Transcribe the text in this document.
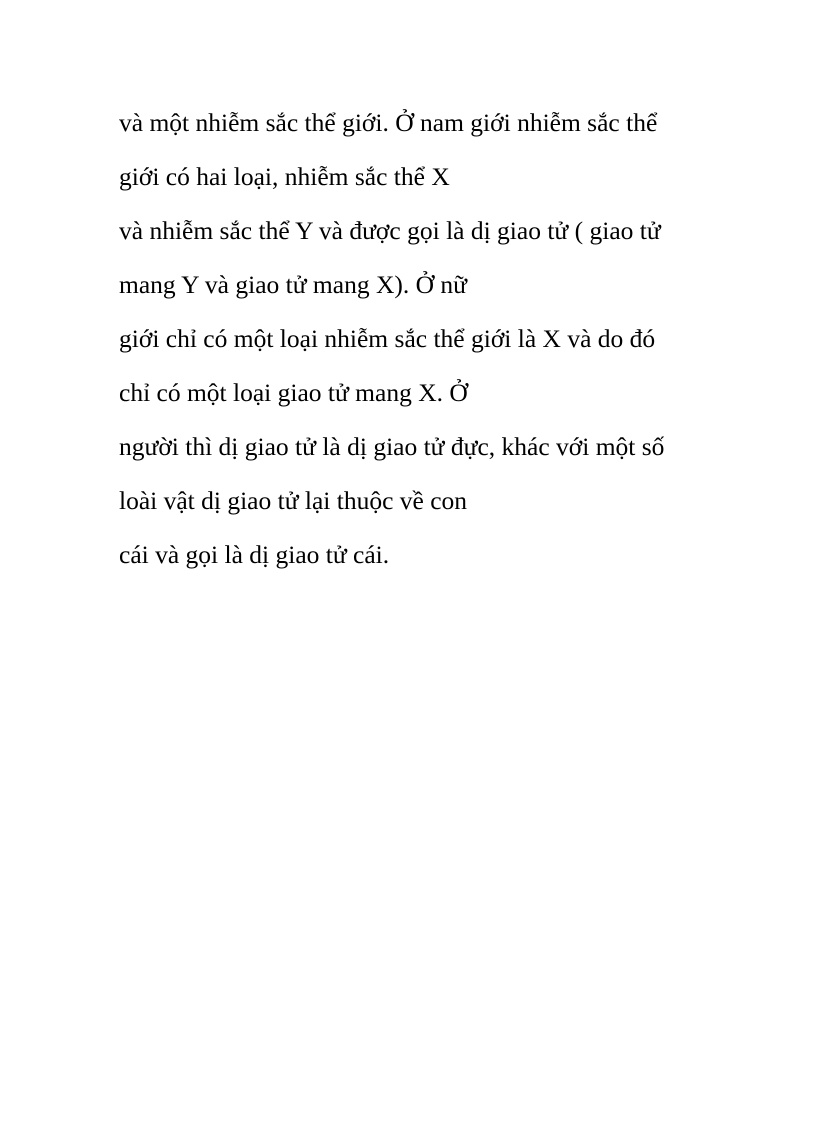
và một nhiễm sắc thể giới. Ở nam giới nhiễm sắc thể
giới có hai loại, nhiễm sắc thể X

và nhiễm sắc thể Y và được gọi là dị giao tử ( giao tử
mang Y và giao tử mang X). Ở nữ

giới chỉ có một loại nhiễm sắc thể giới là X và do đó
chỉ có một loại giao tử mang X. Ở

người thì dị giao tử là dị giao tử đực, khác với một số
loài vật dị giao tử lại thuộc về con

cái và gọi là dị giao tử cái.
